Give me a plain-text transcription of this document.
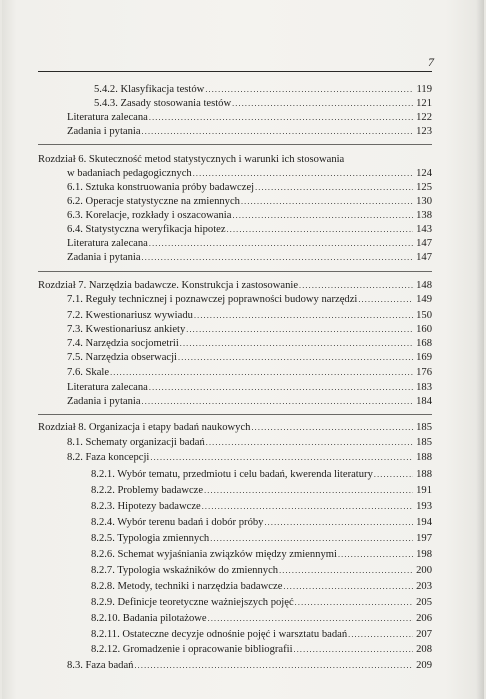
7
5.4.2. Klasyfikacja testów .....	119
5.4.3. Zasady stosowania testów .....	121
Literatura zalecana .....	122
Zadania i pytania .....	123
Rozdział 6. Skuteczność metod statystycznych i warunki ich stosowania
w badaniach pedagogicznych .....	124
6.1. Sztuka konstruowania próby badawczej .....	125
6.2. Operacje statystyczne na zmiennych .....	130
6.3. Korelacje, rozkłady i oszacowania .....	138
6.4. Statystyczna weryfikacja hipotez .....	143
Literatura zalecana .....	147
Zadania i pytania .....	147
Rozdział 7. Narzędzia badawcze. Konstrukcja i zastosowanie .....	148
7.1. Reguły technicznej i poznawczej poprawności budowy narzędzi .....	149
7.2. Kwestionariusz wywiadu .....	150
7.3. Kwestionariusz ankiety .....	160
7.4. Narzędzia socjometrii .....	168
7.5. Narzędzia obserwacji .....	169
7.6. Skale .....	176
Literatura zalecana .....	183
Zadania i pytania .....	184
Rozdział 8. Organizacja i etapy badań naukowych .....	185
8.1. Schematy organizacji badań .....	185
8.2. Faza koncepcji .....	188
8.2.1. Wybór tematu, przedmiotu i celu badań, kwerenda literatury .....	188
8.2.2. Problemy badawcze .....	191
8.2.3. Hipotezy badawcze .....	193
8.2.4. Wybór terenu badań i dobór próby .....	194
8.2.5. Typologia zmiennych .....	197
8.2.6. Schemat wyjaśniania związków między zmiennymi .....	198
8.2.7. Typologia wskaźników do zmiennych .....	200
8.2.8. Metody, techniki i narzędzia badawcze .....	203
8.2.9. Definicje teoretyczne ważniejszych pojęć .....	205
8.2.10. Badania pilotażowe .....	206
8.2.11. Ostateczne decyzje odnośnie pojęć i warsztatu badań .....	207
8.2.12. Gromadzenie i opracowanie bibliografii .....	208
8.3. Faza badań .....	209
